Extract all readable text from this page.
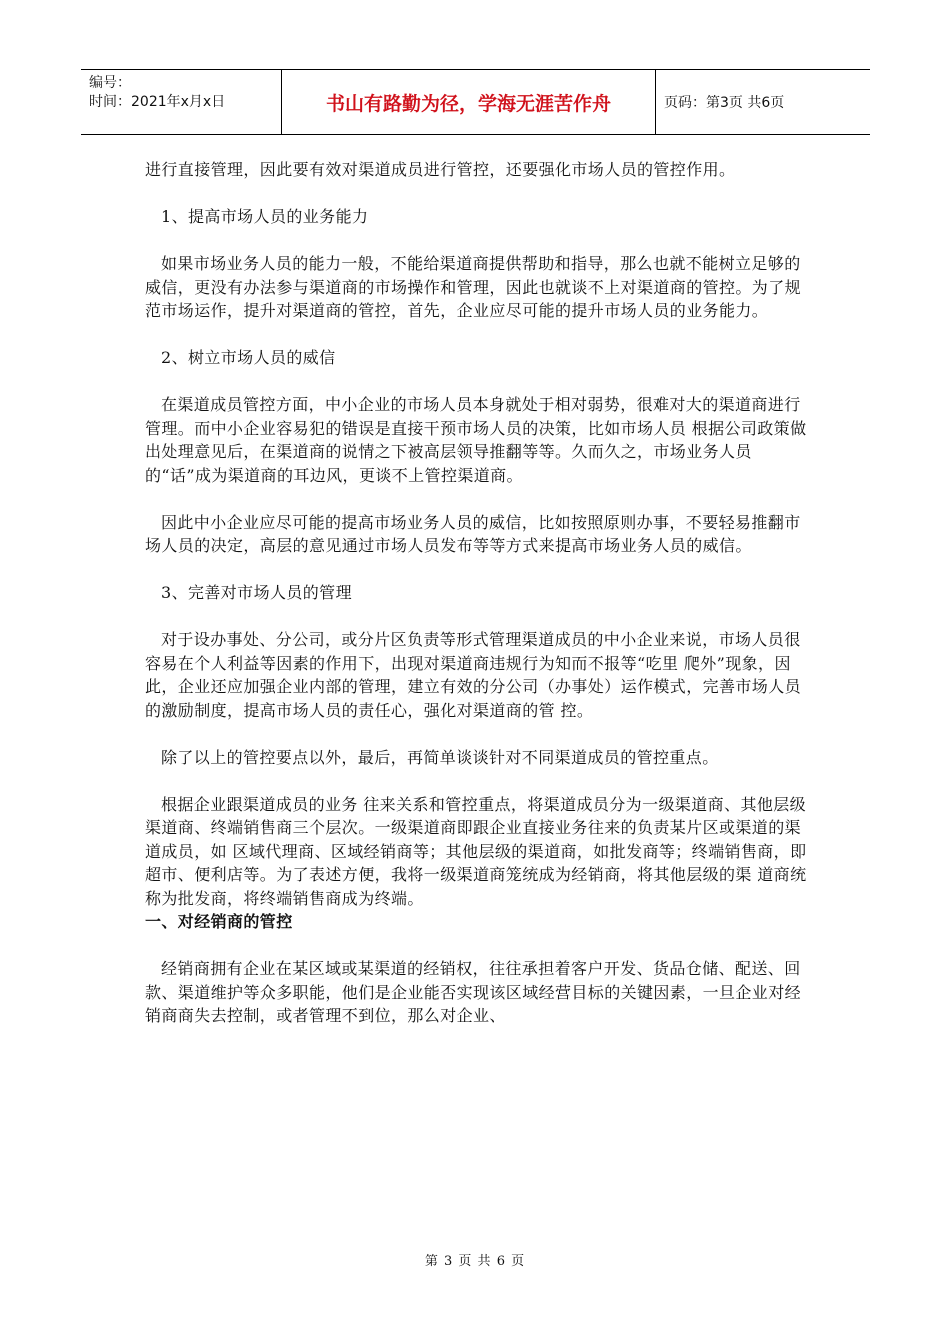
编号：
时间：2021年x月x日	书山有路勤为径，学海无涯苦作舟	页码：第3页 共6页

进行直接管理，因此要有效对渠道成员进行管控，还要强化市场人员的管控作用。

1、提高市场人员的业务能力

如果市场业务人员的能力一般，不能给渠道商提供帮助和指导，那么也就不能树立足够的威信，更没有办法参与渠道商的市场操作和管理，因此也就谈不上对渠道商的管控。为了规范市场运作，提升对渠道商的管控，首先，企业应尽可能的提升市场人员的业务能力。

2、树立市场人员的威信

在渠道成员管控方面，中小企业的市场人员本身就处于相对弱势，很难对大的渠道商进行管理。而中小企业容易犯的错误是直接干预市场人员的决策，比如市场人员 根据公司政策做出处理意见后，在渠道商的说情之下被高层领导推翻等等。久而久之，市场业务人员的“话”成为渠道商的耳边风，更谈不上管控渠道商。

因此中小企业应尽可能的提高市场业务人员的威信，比如按照原则办事，不要轻易推翻市场人员的决定，高层的意见通过市场人员发布等等方式来提高市场业务人员的威信。

3、完善对市场人员的管理

对于设办事处、分公司，或分片区负责等形式管理渠道成员的中小企业来说，市场人员很容易在个人利益等因素的作用下，出现对渠道商违规行为知而不报等“吃里 爬外”现象，因此，企业还应加强企业内部的管理，建立有效的分公司（办事处）运作模式，完善市场人员的激励制度，提高市场人员的责任心，强化对渠道商的管 控。

除了以上的管控要点以外，最后，再简单谈谈针对不同渠道成员的管控重点。

根据企业跟渠道成员的业务 往来关系和管控重点，将渠道成员分为一级渠道商、其他层级渠道商、终端销售商三个层次。一级渠道商即跟企业直接业务往来的负责某片区或渠道的渠道成员，如 区域代理商、区域经销商等；其他层级的渠道商，如批发商等；终端销售商，即超市、便利店等。为了表述方便，我将一级渠道商笼统成为经销商，将其他层级的渠 道商统称为批发商，将终端销售商成为终端。

一、对经销商的管控

经销商拥有企业在某区域或某渠道的经销权，往往承担着客户开发、货品仓储、配送、回款、渠道维护等众多职能，他们是企业能否实现该区域经营目标的关键因素，一旦企业对经销商商失去控制，或者管理不到位，那么对企业、

第 3 页 共 6 页
